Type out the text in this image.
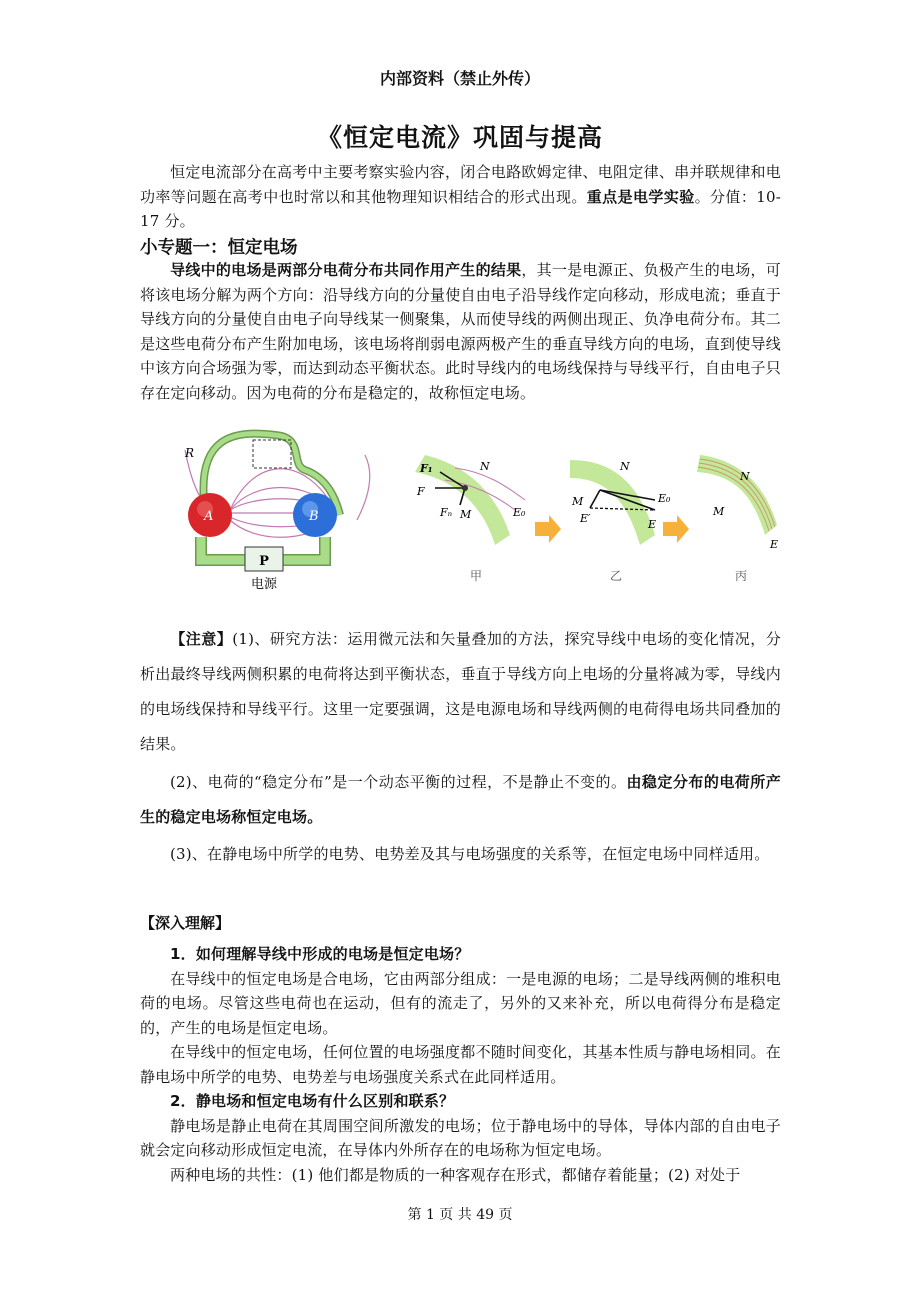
内部资料（禁止外传）
《恒定电流》巩固与提高
恒定电流部分在高考中主要考察实验内容，闭合电路欧姆定律、电阻定律、串并联规律和电功率等问题在高考中也时常以和其他物理知识相结合的形式出现。重点是电学实验。分值：10-17 分。
小专题一：恒定电场
导线中的电场是两部分电荷分布共同作用产生的结果，其一是电源正、负极产生的电场，可将该电场分解为两个方向：沿导线方向的分量使自由电子沿导线作定向移动，形成电流；垂直于导线方向的分量使自由电子向导线某一侧聚集，从而使导线的两侧出现正、负净电荷分布。其二是这些电荷分布产生附加电场，该电场将削弱电源两极产生的垂直导线方向的电场，直到使导线中该方向合场强为零，而达到动态平衡状态。此时导线内的电场线保持与导线平行，自由电子只存在定向移动。因为电荷的分布是稳定的，故称恒定电场。
P
A	B
R
电源
F₁
F
Fₙ M
N
E₀
甲
N
M
E′
E₀
E
乙
N
M
E
丙
【注意】(1)、研究方法：运用微元法和矢量叠加的方法，探究导线中电场的变化情况，分析出最终导线两侧积累的电荷将达到平衡状态，垂直于导线方向上电场的分量将减为零，导线内的电场线保持和导线平行。这里一定要强调，这是电源电场和导线两侧的电荷得电场共同叠加的结果。
(2)、电荷的“稳定分布”是一个动态平衡的过程，不是静止不变的。由稳定分布的电荷所产生的稳定电场称恒定电场。
(3)、在静电场中所学的电势、电势差及其与电场强度的关系等，在恒定电场中同样适用。
【深入理解】
1．如何理解导线中形成的电场是恒定电场？
在导线中的恒定电场是合电场，它由两部分组成：一是电源的电场；二是导线两侧的堆积电荷的电场。尽管这些电荷也在运动，但有的流走了，另外的又来补充，所以电荷得分布是稳定的，产生的电场是恒定电场。
在导线中的恒定电场，任何位置的电场强度都不随时间变化，其基本性质与静电场相同。在静电场中所学的电势、电势差与电场强度关系式在此同样适用。
2．静电场和恒定电场有什么区别和联系？
静电场是静止电荷在其周围空间所激发的电场；位于静电场中的导体，导体内部的自由电子就会定向移动形成恒定电流，在导体内外所存在的电场称为恒定电场。
两种电场的共性：(1) 他们都是物质的一种客观存在形式，都储存着能量；(2) 对处于
第 1 页 共 49 页
